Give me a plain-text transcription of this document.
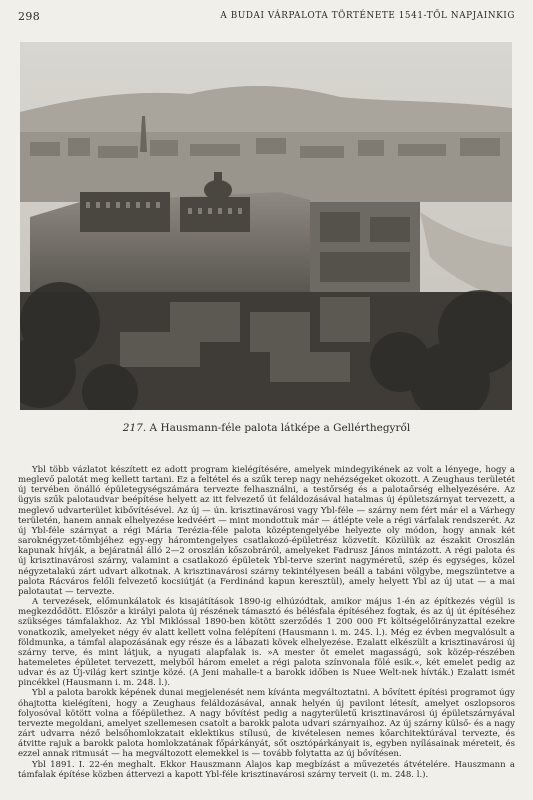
298	A BUDAI VÁRPALOTA TÖRTÉNETE 1541-TŐL NAPJAINKIG
217. A Hausmann-féle palota látképe a Gellérthegyről

Ybl több vázlatot készített ez adott program kielégítésére, amelyek mindegyikének az volt a lényege, hogy a meglevő palotát meg kellett tartani. Ez a feltétel és a szűk terep nagy nehézségeket okozott. A Zeughaus területét új tervében önálló épületegységszámára tervezte felhasználni, a testőrség és a palotaőrség elhelyezésére. Az ügyis szűk palotaudvar beépítése helyett az itt felvezető út feláldozásával hatalmas új épületszárnyat tervezett, a meglevő udvarterület kibővítésével. Az új — ún. krisztinavárosi vagy Ybl-féle — szárny nem fért már el a Várhegy területén, hanem annak elhelyezése kedvéért — mint mondottuk már — átlépte vele a régi várfalak rendszerét. Az új Ybl-féle szárnyat a régi Mária Terézia-féle palota középtengelyébe helyezte oly módon, hogy annak két saroknégyzet-tömbjéhez egy-egy háromtengelyes csatlakozó-épületrész közvetít. Közülük az északit Oroszlán kapunak hívják, a bejáratnál álló 2—2 oroszlán kőszobráról, amelyeket Fadrusz János mintázott. A régi palota és új krisztinavárosi szárny, valamint a csatlakozó épületek Ybl-terve szerint nagyméretű, szép és egységes, közel négyzetalakú zárt udvart alkotnak. A krisztinavárosi szárny tekintélyesen beáll a tabáni völgybe, megszüntetve a palota Rácváros felőli felvezető kocsiútját (a Ferdinánd kapun keresztül), amely helyett Ybl az új utat — a mai palotautat — tervezte.

A tervezések, előmunkálatok és kisajátítások 1890-ig elhúzódtak, amikor május 1-én az építkezés végül is megkezdődött. Először a királyi palota új részének támasztó és bélésfala építéséhez fogtak, és az új út építéséhez szükséges támfalakhoz. Az Ybl Miklóssal 1890-ben kötött szerződés 1 200 000 Ft költségelőirányzattal ezekre vonatkozik, amelyeket négy év alatt kellett volna felépíteni (Hausmann i. m. 245. l.). Még ez évben megvalósult a földmunka, a támfal alapozásának egy része és a lábazati kövek elhelyezése. Ezalatt elkészült a krisztinavárosi új szárny terve, és mint látjuk, a nyugati alapfalak is. »A mester öt emelet magasságú, sok közép-részében hatemeletes épületet tervezett, melyből három emelet a régi palota színvonala fölé esik.«, két emelet pedig az udvar és az Új-világ kert szintje közé. (A Jeni mahalle-t a barokk időben is Nuee Welt-nek hívták.) Ezalatt ismét pincékkel (Hausmann i. m. 248. l.).

Ybl a palota barokk képének dunai megjelenését nem kívánta megváltoztatni. A bővített építési programot úgy óhajtotta kielégíteni, hogy a Zeughaus feláldozásával, annak helyén új pavilont létesít, amelyet oszlopsoros folyosóval kötött volna a főépülethez. A nagy bővítést pedig a nagyterületű krisztinavárosi új épületszárnyával tervezte megoldani, amelyet szellemesen csatolt a barokk palota udvari szárnyaihoz. Az új szárny külső- és a nagy zárt udvarra néző belsőhomlokzatait eklektikus stílusú, de kivételesen nemes kőarchitektúrával tervezte, és átvitte rajuk a barokk palota homlokzatának főpárkányát, sőt osztópárkányait is, egyben nyílásainak méreteit, és ezzel annak ritmusát — ha megváltozott elemekkel is — tovább folytatta az új bővítésen.

Ybl 1891. I. 22-én meghalt. Ekkor Hauszmann Alajos kap megbízást a művezetés átvételére. Hauszmann a támfalak építése közben áttervezi a kapott Ybl-féle krisztinavárosi szárny terveit (i. m. 248. l.).
